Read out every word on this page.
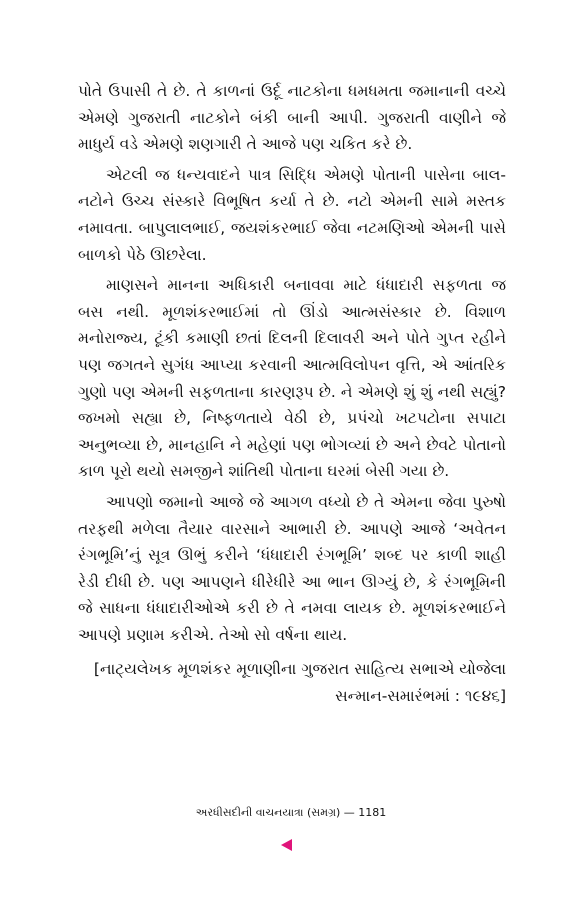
પોતે ઉપાસી તે છે. તે કાળનાં ઉર્દૂ નાટકોના ધમધમતા જમાનાની વચ્ચે એમણે ગુજરાતી નાટકોને બંકી બાની આપી. ગુજરાતી વાણીને જે માધુર્ય વડે એમણે શણગારી તે આજે પણ ચકિત કરે છે.

એટલી જ ધન્યવાદને પાત્ર સિદ્ધિ એમણે પોતાની પાસેના બાલ-નટોને ઉચ્ચ સંસ્કારે વિભૂષિત કર્યા તે છે. નટો એમની સામે મસ્તક નમાવતા. બાપુલાલભાઈ, જયશંકરભાઈ જેવા નટમણિઓ એમની પાસે બાળકો પેઠે ઊછરેલા.

માણસને માનના અધિકારી બનાવવા માટે ધંધાદારી સફળતા જ બસ નથી. મૂળશંકરભાઈમાં તો ઊંડો આત્મસંસ્કાર છે. વિશાળ મનોરાજ્ય, ટૂંકી કમાણી છતાં દિલની દિલાવરી અને પોતે ગુપ્ત રહીને પણ જગતને સુગંધ આપ્યા કરવાની આત્મવિલોપન વૃત્તિ, એ આંતરિક ગુણો પણ એમની સફળતાના કારણરૂપ છે. ને એમણે શું શું નથી સહ્યું? જખમો સહ્યા છે, નિષ્ફળતાયે વેઠી છે, પ્રપંચો ખટપટોના સપાટા અનુભવ્યા છે, માનહાનિ ને મહેણાં પણ ભોગવ્યાં છે અને છેવટે પોતાનો કાળ પૂરો થયો સમજીને શાંતિથી પોતાના ઘરમાં બેસી ગયા છે.

આપણો જમાનો આજે જે આગળ વધ્યો છે તે એમના જેવા પુરુષો તરફથી મળેલા તૈયાર વારસાને આભારી છે. આપણે આજે ‘અવેતન રંગભૂમિ’નું સૂત્ર ઊભું કરીને ‘ધંધાદારી રંગભૂમિ’ શબ્દ પર કાળી શાહી રેડી દીધી છે. પણ આપણને ધીરેધીરે આ ભાન ઊગ્યું છે, કે રંગભૂમિની જે સાધના ધંધાદારીઓએ કરી છે તે નમવા લાયક છે. મૂળશંકરભાઈને આપણે પ્રણામ કરીએ. તેઓ સો વર્ષના થાય.

[નાટ્યલેખક મૂળશંકર મૂળાણીના ગુજરાત સાહિત્ય સભાએ યોજેલા સન્માન-સમારંભમાં : ૧૯૪૬]

અરધીસદીની વાચનયાત્રા (સમગ્ર) — 1181
